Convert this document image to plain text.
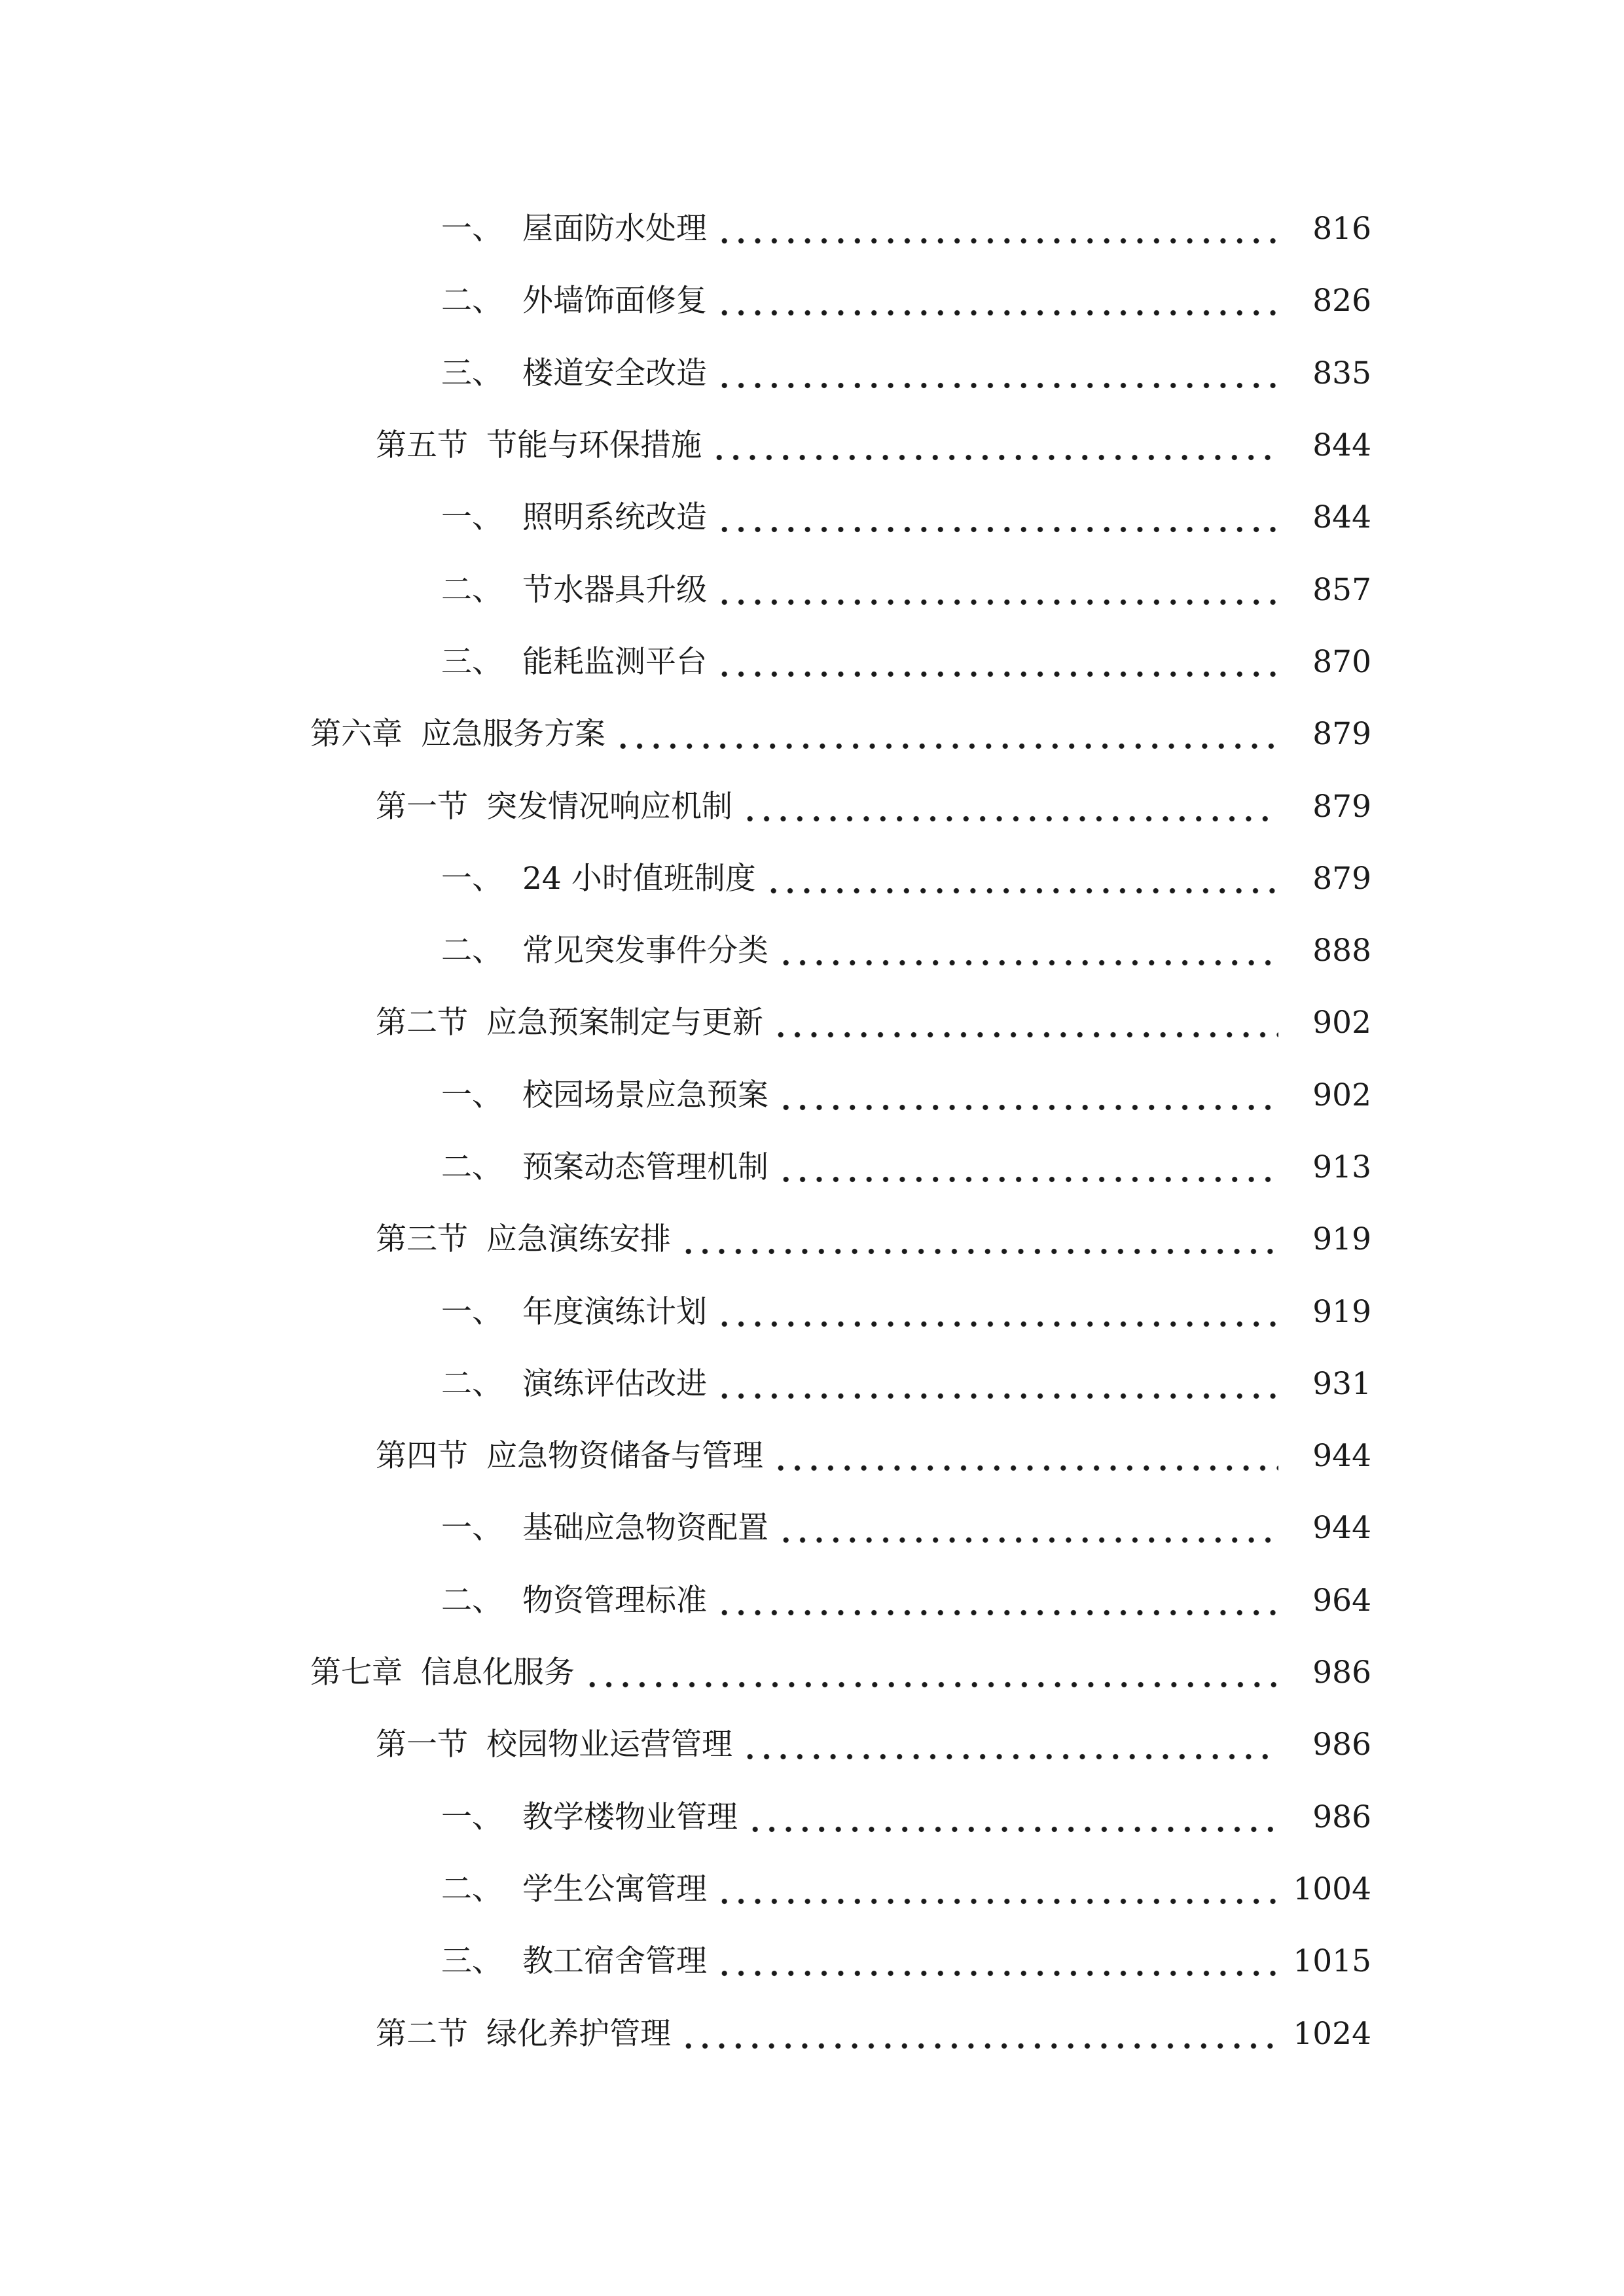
一、 屋面防水处理	816
二、 外墙饰面修复	826
三、 楼道安全改造	835
第五节 节能与环保措施	844
一、 照明系统改造	844
二、 节水器具升级	857
三、 能耗监测平台	870
第六章 应急服务方案	879
第一节 突发情况响应机制	879
一、 24 小时值班制度	879
二、 常见突发事件分类	888
第二节 应急预案制定与更新	902
一、 校园场景应急预案	902
二、 预案动态管理机制	913
第三节 应急演练安排	919
一、 年度演练计划	919
二、 演练评估改进	931
第四节 应急物资储备与管理	944
一、 基础应急物资配置	944
二、 物资管理标准	964
第七章 信息化服务	986
第一节 校园物业运营管理	986
一、 教学楼物业管理	986
二、 学生公寓管理	1004
三、 教工宿舍管理	1015
第二节 绿化养护管理	1024
